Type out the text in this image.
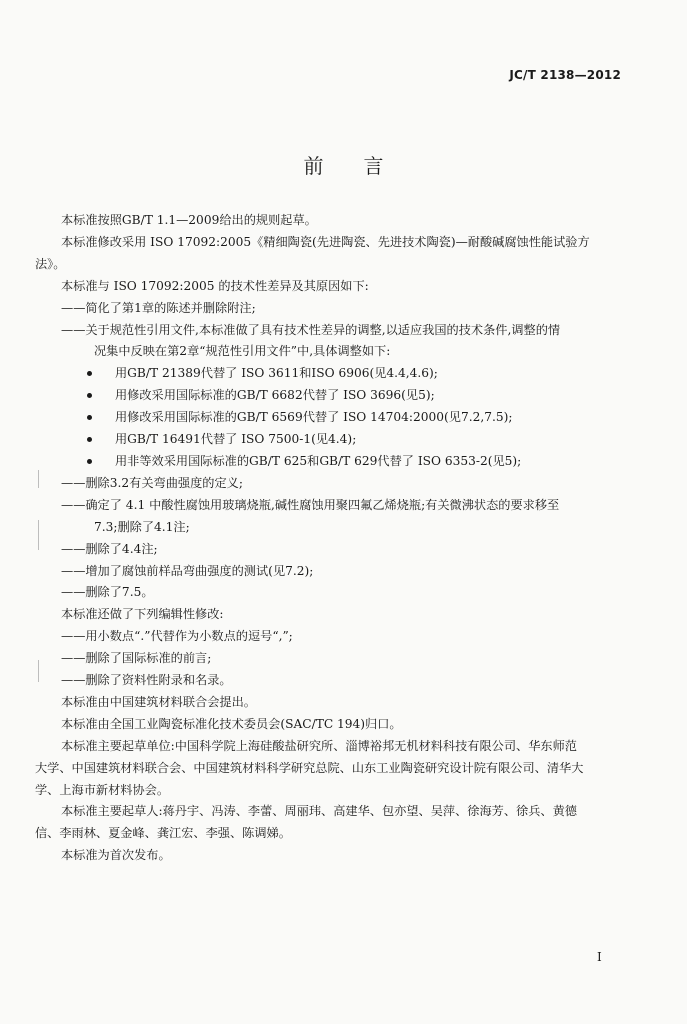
JC/T 2138—2012
前言
本标准按照GB/T 1.1—2009给出的规则起草。
本标准修改采用 ISO 17092:2005《精细陶瓷(先进陶瓷、先进技术陶瓷)—耐酸碱腐蚀性能试验方
法》。
本标准与 ISO 17092:2005 的技术性差异及其原因如下:
——简化了第1章的陈述并删除附注;
——关于规范性引用文件,本标准做了具有技术性差异的调整,以适应我国的技术条件,调整的情
况集中反映在第2章“规范性引用文件”中,具体调整如下:
用GB/T 21389代替了 ISO 3611和ISO 6906(见4.4,4.6);
用修改采用国际标准的GB/T 6682代替了 ISO 3696(见5);
用修改采用国际标准的GB/T 6569代替了 ISO 14704:2000(见7.2,7.5);
用GB/T 16491代替了 ISO 7500-1(见4.4);
用非等效采用国际标准的GB/T 625和GB/T 629代替了 ISO 6353-2(见5);
——删除3.2有关弯曲强度的定义;
——确定了 4.1 中酸性腐蚀用玻璃烧瓶,碱性腐蚀用聚四氟乙烯烧瓶;有关微沸状态的要求移至
7.3;删除了4.1注;
——删除了4.4注;
——增加了腐蚀前样品弯曲强度的测试(见7.2);
——删除了7.5。
本标准还做了下列编辑性修改:
——用小数点“.”代替作为小数点的逗号“,”;
——删除了国际标准的前言;
——删除了资料性附录和名录。
本标准由中国建筑材料联合会提出。
本标准由全国工业陶瓷标准化技术委员会(SAC/TC 194)归口。
本标准主要起草单位:中国科学院上海硅酸盐研究所、淄博裕邦无机材料科技有限公司、华东师范
大学、中国建筑材料联合会、中国建筑材料科学研究总院、山东工业陶瓷研究设计院有限公司、清华大
学、上海市新材料协会。
本标准主要起草人:蒋丹宇、冯涛、李蕾、周丽玮、高建华、包亦望、吴萍、徐海芳、徐兵、黄德
信、李雨林、夏金峰、龚江宏、李强、陈调娣。
本标准为首次发布。
I
